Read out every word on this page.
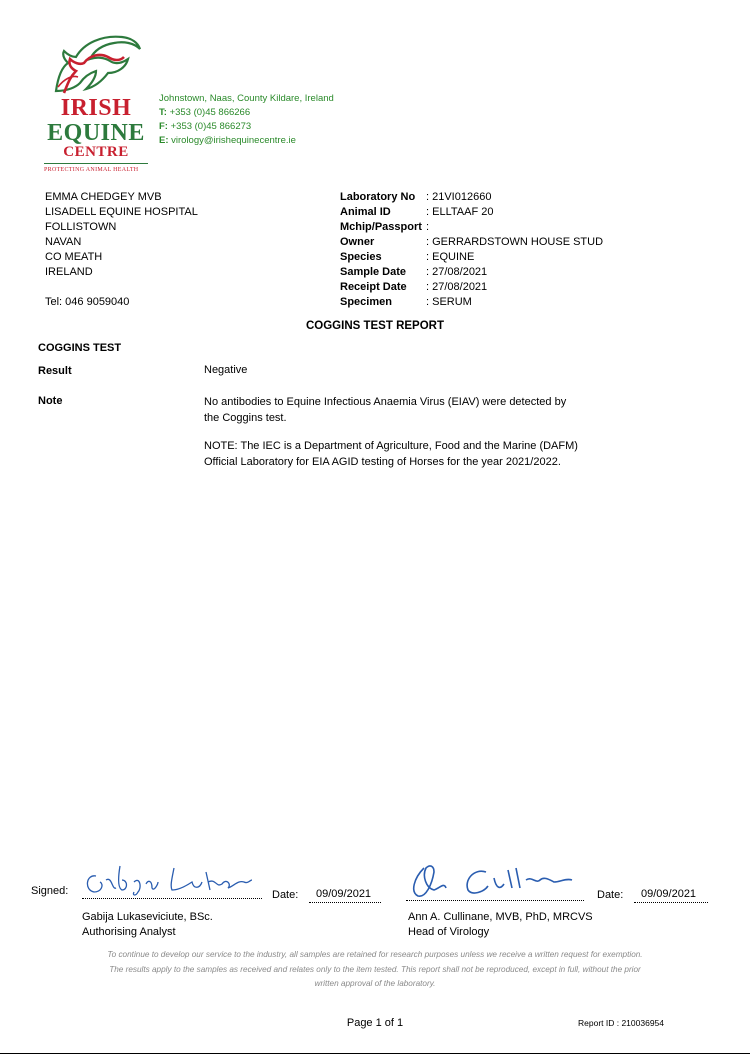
IRISH
EQUINE
CENTRE
PROTECTING ANIMAL HEALTH
Johnstown, Naas, County Kildare, Ireland
T: +353 (0)45 866266
F: +353 (0)45 866273
E: virology@irishequinecentre.ie
EMMA CHEDGEY MVB
LISADELL EQUINE HOSPITAL
FOLLISTOWN
NAVAN
CO MEATH
IRELAND
Tel: 046 9059040
Laboratory No : 21VI012660
Animal ID	: ELLTAAF 20
Mchip/Passport :
Owner	: GERRARDSTOWN HOUSE STUD
Species	: EQUINE
Sample Date	: 27/08/2021
Receipt Date	: 27/08/2021
Specimen	: SERUM
COGGINS TEST REPORT
COGGINS TEST
Result	Negative
Note	No antibodies to Equine Infectious Anaemia Virus (EIAV) were detected by the Coggins test.
NOTE: The IEC is a Department of Agriculture, Food and the Marine (DAFM) Official Laboratory for EIA AGID testing of Horses for the year 2021/2022.
Signed:	Date: 09/09/2021	Date: 09/09/2021
Gabija Lukaseviciute, BSc.
Authorising Analyst
Ann A. Cullinane, MVB, PhD, MRCVS
Head of Virology
To continue to develop our service to the industry, all samples are retained for research purposes unless we receive a written request for exemption.
The results apply to the samples as received and relates only to the item tested. This report shall not be reproduced, except in full, without the prior
written approval of the laboratory.
Page 1 of 1	Report ID : 210036954
